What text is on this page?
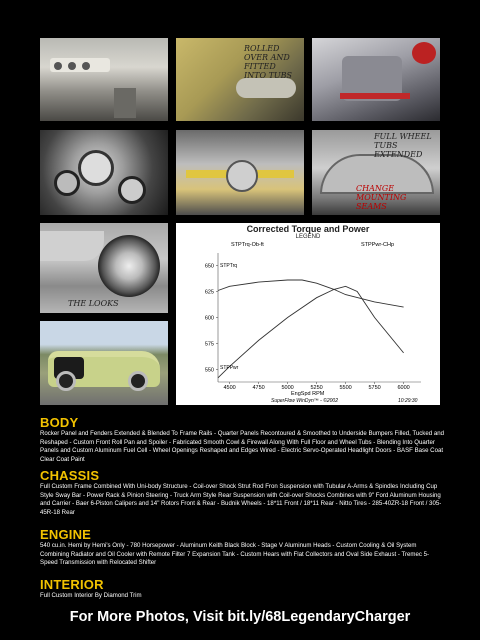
ROLLED OVER AND FITTED INTO TUBS
FULL WHEEL TUBS EXTENDED
CHANGE MOUNTING SEAMS
THE LOOKS
Corrected Torque and Power
LEGEND
650
625
600
575
550
4500	4750	5000	5250	5500	5750	6000
STPTrq-Ob-ft	STPPwr-CHp
STPTrq
STPPwr
EngSpd RPM
SuperFlow WinDyn™ - ©2002	10:29:30

BODY

Rocker Panel and Fenders Extended & Blended To Frame Rails - Quarter Panels Recontoured & Smoothed to Underside Bumpers Filled, Tucked and Reshaped - Custom Front Roll Pan and Spoiler - Fabricated Smooth Cowl & Firewall Along With Full Floor and Wheel Tubs - Blending Into Quarter Panels and Custom Aluminum Fuel Cell - Wheel Openings Reshaped and Edges Wired - Electric Servo-Operated Headlight Doors - BASF Base Coat Clear Coat Paint

CHASSIS

Full Custom Frame Combined With Uni-body Structure - Coil-over Shock Strut Rod Fron Suspension with Tubular A-Arms & Spindles Including Cup Style Sway Bar - Power Rack & Pinion Steering - Truck Arm Style Rear Suspension with Coil-over Shocks Combines with 9" Ford Aluminum Housing and Carrier - Baer 6-Piston Calipers and 14" Rotors Front & Rear - Budnik Wheels - 18*11 Front / 18*11 Rear - Nitto Tires - 285-40ZR-18 Front / 305-45R-18 Rear

ENGINE

540 cu.in. Hemi by Hemi's Only - 780 Horsepower - Aluminum Keith Black Block - Stage V Aluminum Heads - Custom Cooling & Oil System Combining Radiator and Oil Cooler with Remote Filter 7 Expansion Tank - Custom Hears with Flat Collectors and Oval Side Exhaust - Tremec 5-Speed Transmission with Relocated Shifter

INTERIOR

Full Custom Interior By Diamond Trim

For More Photos, Visit bit.ly/68LegendaryCharger
